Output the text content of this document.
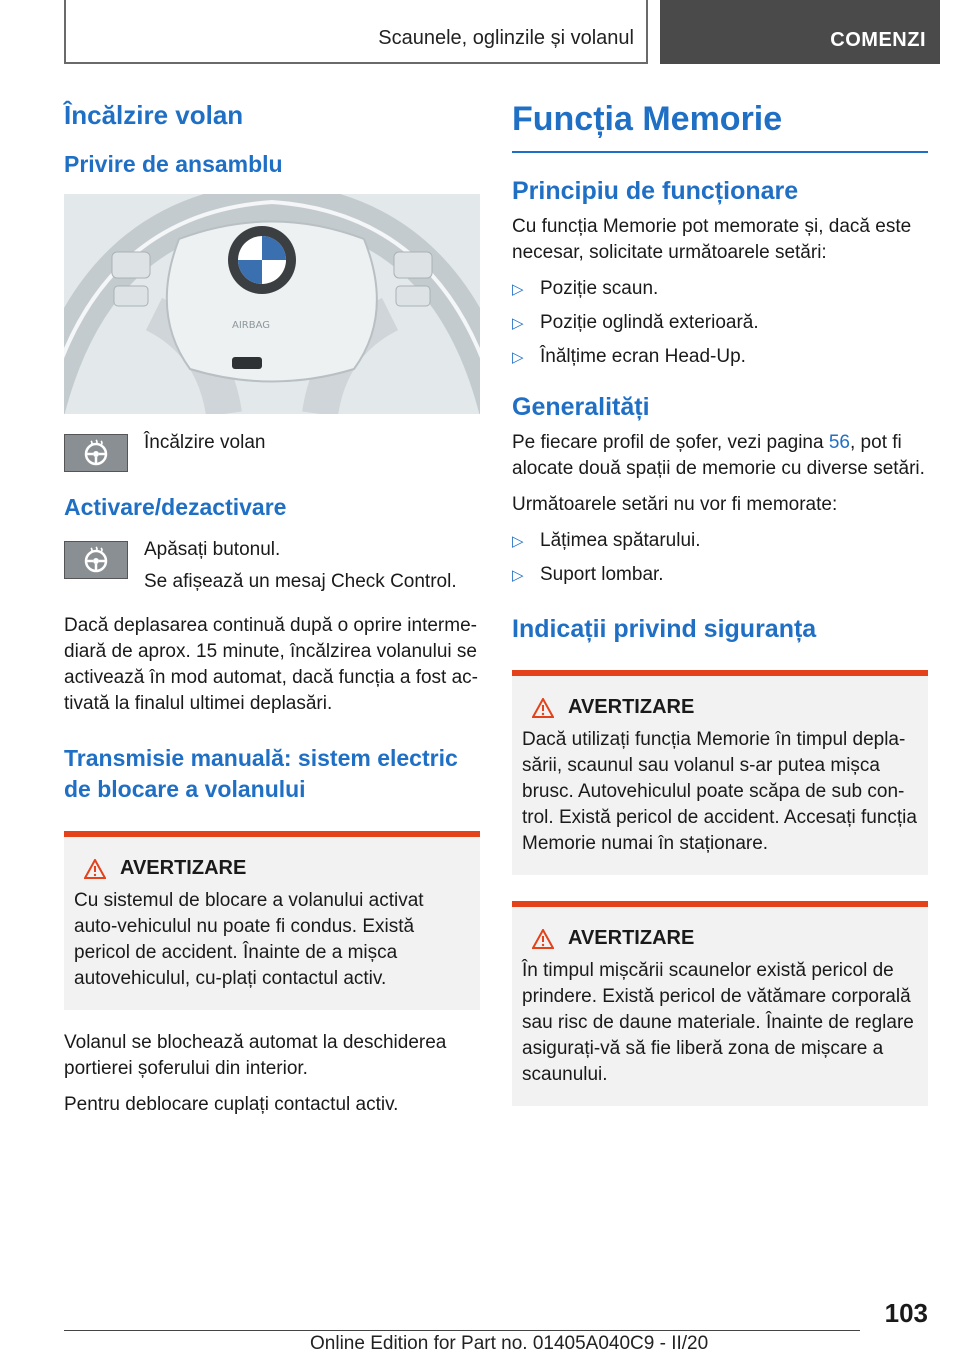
Scaunele, oglinzile și volanul	COMENZI
Încălzire volan
Privire de ansamblu
AIRBAG

Încălzire volan

Activare/dezactivare

Apăsați butonul.

Se afișează un mesaj Check Control.

Dacă deplasarea continuă după o oprire interme‐diară de aprox. 15 minute, încălzirea volanului se activează în mod automat, dacă funcția a fost ac‐tivată la finalul ultimei deplasări.

Transmisie manuală: sistem electric de blocare a volanului
AVERTIZARE

Cu sistemul de blocare a volanului activat auto‐vehiculul nu poate fi condus. Există pericol de accident. Înainte de a mișca autovehiculul, cu‐plați contactul activ.

Volanul se blochează automat la deschiderea portierei șoferului din interior.

Pentru deblocare cuplați contactul activ.

Funcția Memorie
Principiu de funcționare

Cu funcția Memorie pot memorate și, dacă este necesar, solicitate următoarele setări:

▷ Poziție scaun.
▷ Poziție oglindă exterioară.
▷ Înălțime ecran Head-Up.
Generalități

Pe fiecare profil de șofer, vezi pagina 56, pot fi alocate două spații de memorie cu diverse setări.

Următoarele setări nu vor fi memorate:

▷ Lățimea spătarului.
▷ Suport lombar.
Indicații privind siguranța
AVERTIZARE

Dacă utilizați funcția Memorie în timpul depla‐sării, scaunul sau volanul s-ar putea mișca brusc. Autovehiculul poate scăpa de sub con‐trol. Există pericol de accident. Accesați funcția Memorie numai în staționare.

AVERTIZARE

În timpul mișcării scaunelor există pericol de prindere. Există pericol de vătămare corporală sau risc de daune materiale. Înainte de reglare asigurați-vă să fie liberă zona de mișcare a scaunului.

103
Online Edition for Part no. 01405A040C9 - II/20
